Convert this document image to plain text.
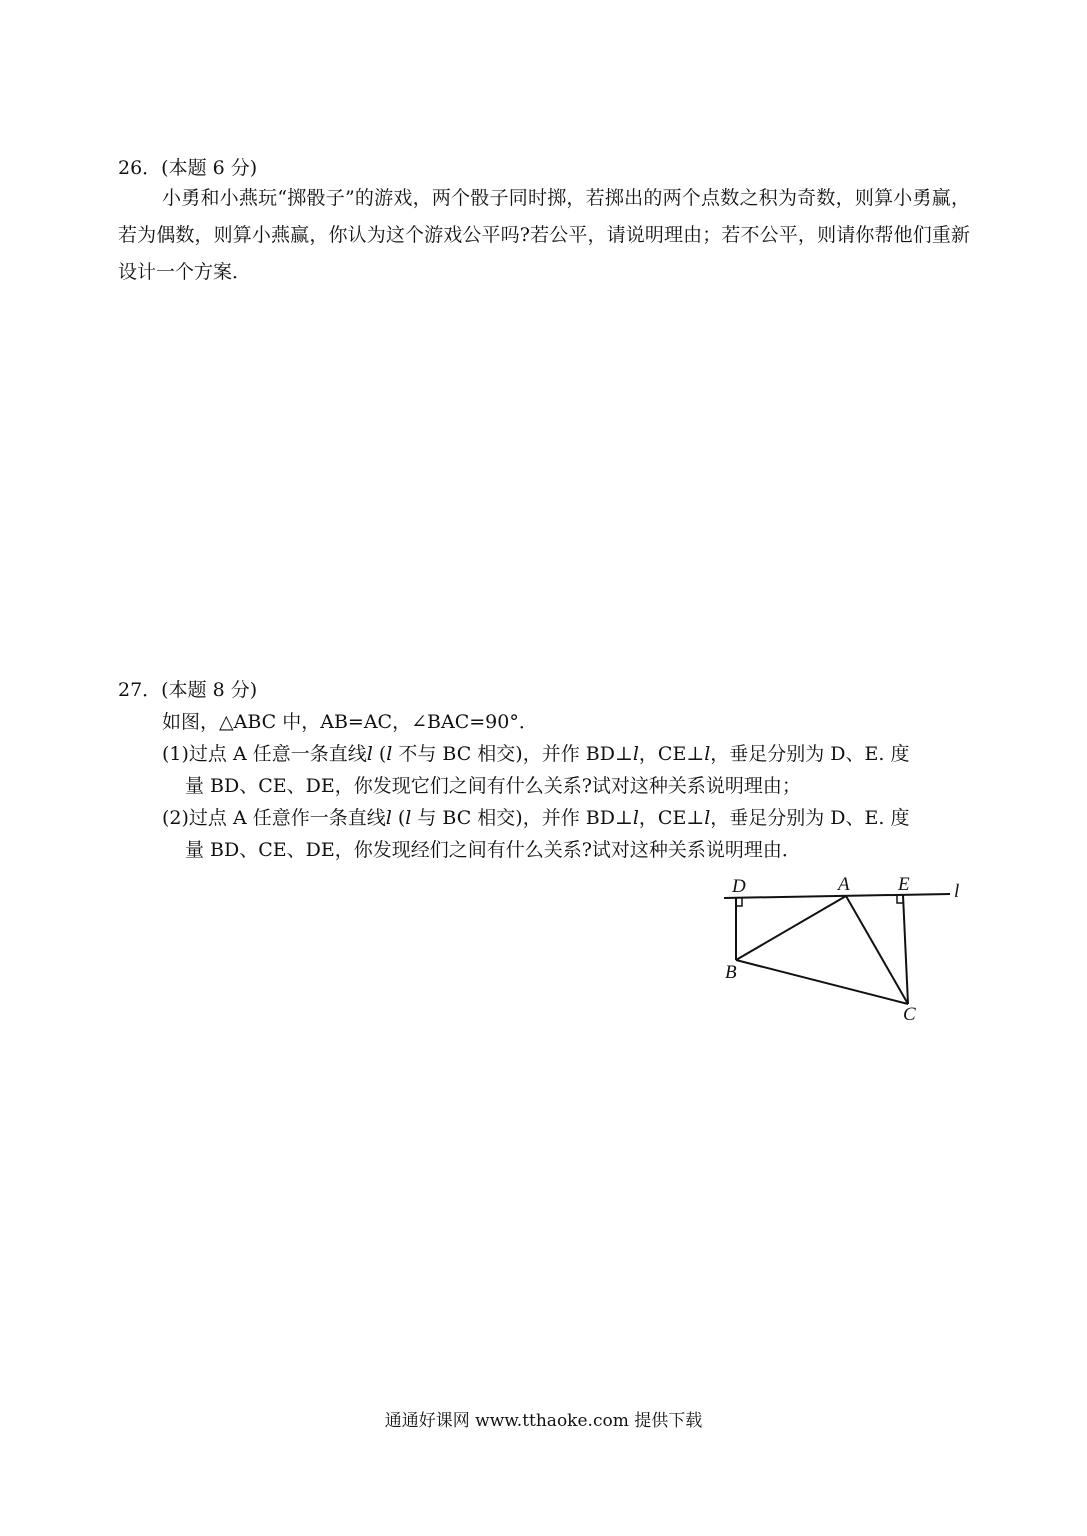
26．(本题 6 分)
小勇和小燕玩“掷骰子”的游戏，两个骰子同时掷，若掷出的两个点数之积为奇数，则算小勇赢，若为偶数，则算小燕赢，你认为这个游戏公平吗?若公平，请说明理由；若不公平，则请你帮他们重新设计一个方案．
27．(本题 8 分)
如图，△ABC 中，AB=AC，∠BAC=90°．
(1)过点 A 任意一条直线l (l 不与 BC 相交)，并作 BD⊥l，CE⊥l，垂足分别为 D、E. 度
量 BD、CE、DE，你发现它们之间有什么关系?试对这种关系说明理由；
(2)过点 A 任意作一条直线l (l 与 BC 相交)，并作 BD⊥l，CE⊥l，垂足分别为 D、E. 度
量 BD、CE、DE，你发现经们之间有什么关系?试对这种关系说明理由．
D	A	E l
B
C
通通好课网 www.tthaoke.com 提供下载
